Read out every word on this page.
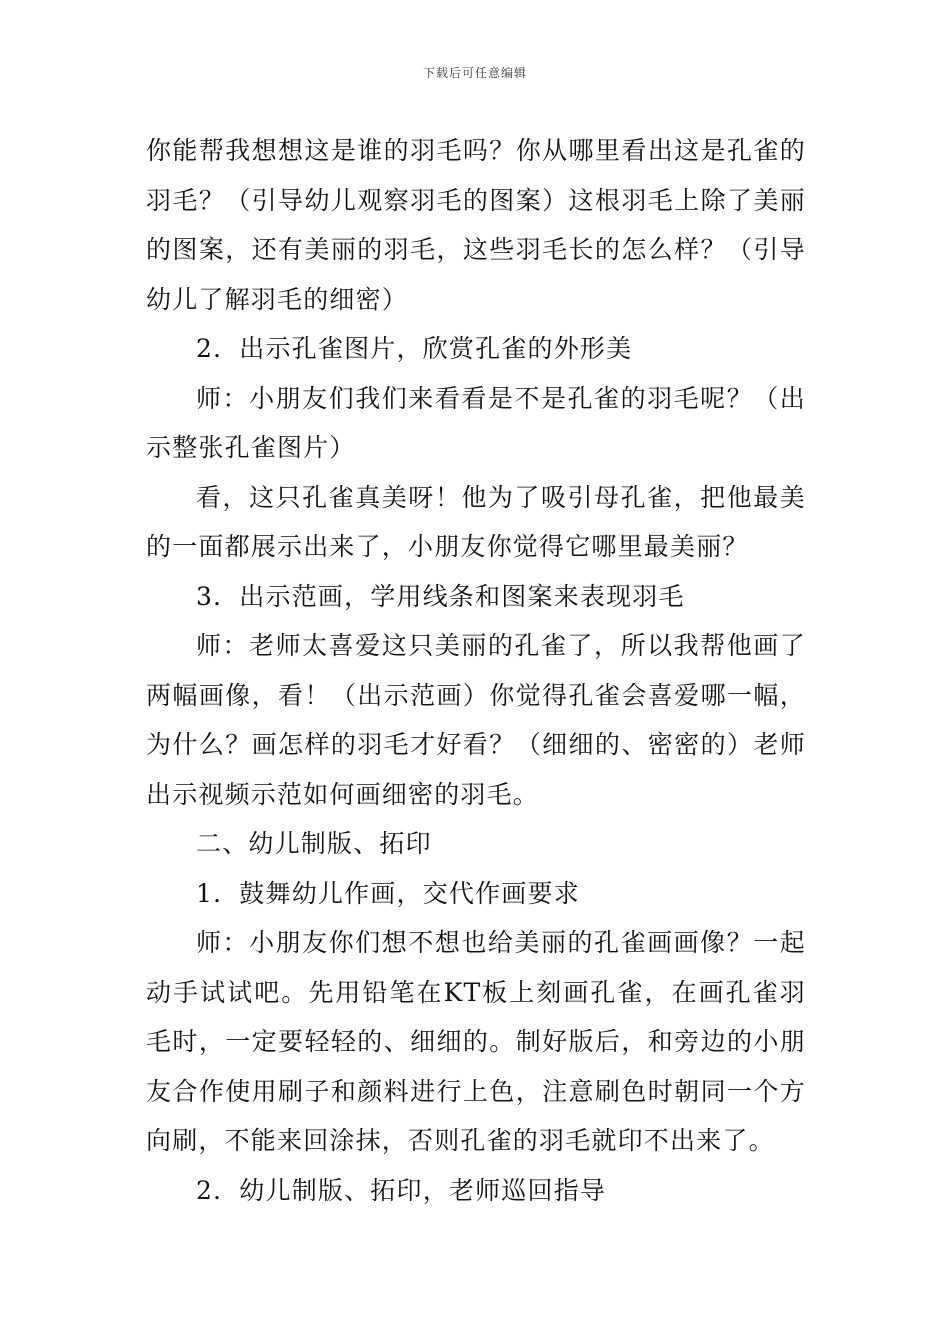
下载后可任意编辑

你能帮我想想这是谁的羽毛吗？你从哪里看出这是孔雀的羽毛？（引导幼儿观察羽毛的图案）这根羽毛上除了美丽的图案，还有美丽的羽毛，这些羽毛长的怎么样？（引导幼儿了解羽毛的细密）

2．出示孔雀图片，欣赏孔雀的外形美

师：小朋友们我们来看看是不是孔雀的羽毛呢？（出示整张孔雀图片）

看，这只孔雀真美呀！他为了吸引母孔雀，把他最美的一面都展示出来了，小朋友你觉得它哪里最美丽？

3．出示范画，学用线条和图案来表现羽毛

师：老师太喜爱这只美丽的孔雀了，所以我帮他画了两幅画像，看！（出示范画）你觉得孔雀会喜爱哪一幅，为什么？画怎样的羽毛才好看？（细细的、密密的）老师出示视频示范如何画细密的羽毛。

二、幼儿制版、拓印

1．鼓舞幼儿作画，交代作画要求

师：小朋友你们想不想也给美丽的孔雀画画像？一起动手试试吧。先用铅笔在KT板上刻画孔雀，在画孔雀羽毛时，一定要轻轻的、细细的。制好版后，和旁边的小朋友合作使用刷子和颜料进行上色，注意刷色时朝同一个方向刷，不能来回涂抹，否则孔雀的羽毛就印不出来了。

2．幼儿制版、拓印，老师巡回指导
